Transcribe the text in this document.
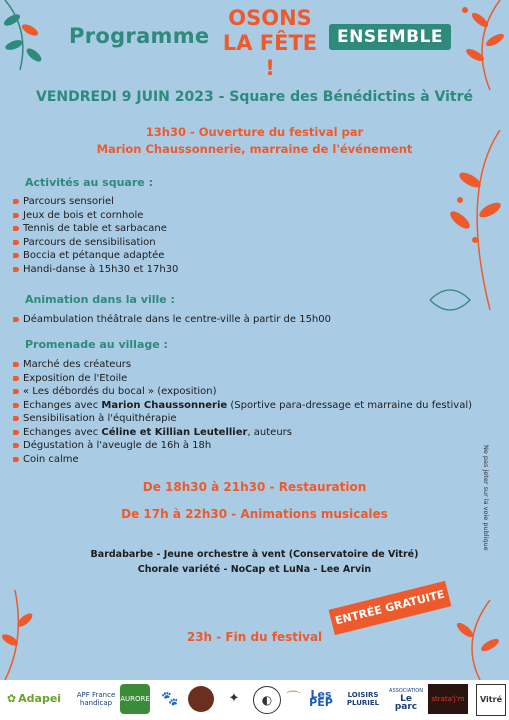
Programme
OSONS
LA FÊTE !
ENSEMBLE
VENDREDI 9 JUIN 2023 - Square des Bénédictins à Vitré
13h30 - Ouverture du festival par
Marion Chaussonnerie, marraine de l'événement
Activités au square :
Parcours sensoriel
Jeux de bois et cornhole
Tennis de table et sarbacane
Parcours de sensibilisation
Boccia et pétanque adaptée
Handi-danse à 15h30 et 17h30
Animation dans la ville :
Déambulation théâtrale dans le centre-ville à partir de 15h00
Promenade au village :
Marché des créateurs
Exposition de l'Etoile
« Les débordés du bocal » (exposition)
Echanges avec Marion Chaussonnerie (Sportive para-dressage et marraine du festival)
Sensibilisation à l'équithérapie
Echanges avec Céline et Killian Leutellier, auteurs
Dégustation à l'aveugle de 16h à 18h
Coin calme
De 18h30 à 21h30 - Restauration
De 17h à 22h30 - Animations musicales
Bardabarbe - Jeune orchestre à vent (Conservatoire de Vitré)
Chorale variété - NoCap et LuNa - Lee Arvin
ENTRÉE GRATUITE
23h - Fin du festival
Ne pas jeter sur la voie publique
✿ Adapei APF France handicap	AURORE 🐾	✦	◐ ⌒ Les PEP
LOISIRS PLURIEL
ASSOCIATION
Le parc
strata'j'm	Vitré
